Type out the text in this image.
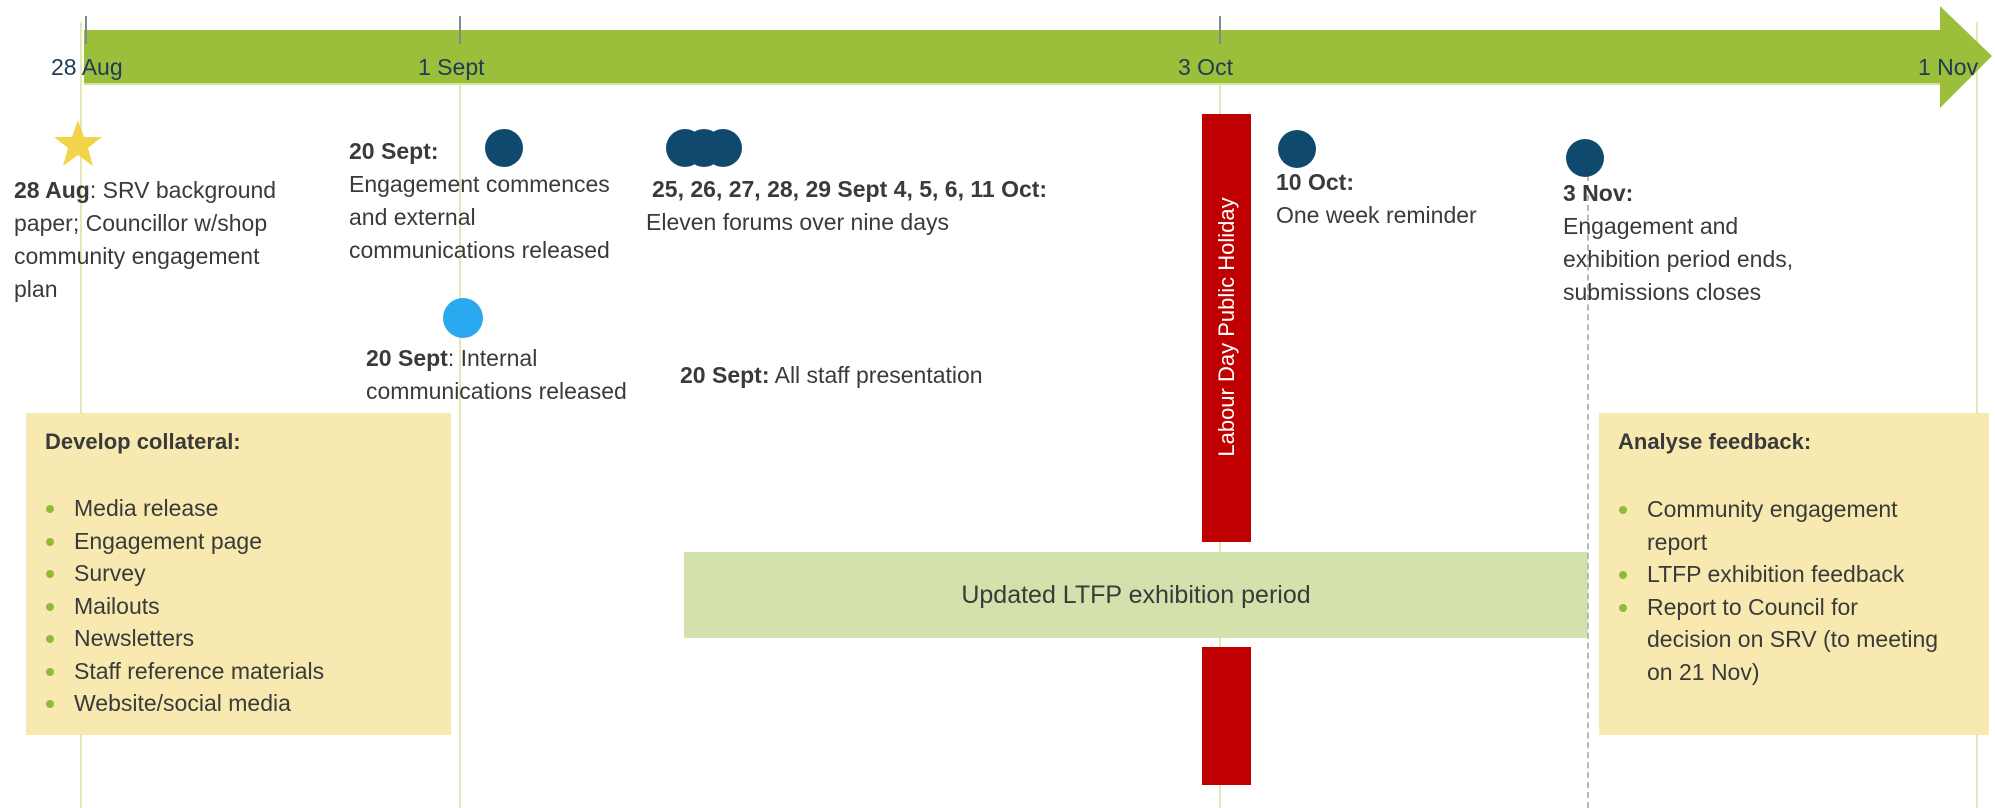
28 Aug	1 Sept	3 Oct	1 Nov
28 Aug: SRV background paper; Councillor w/shop community engagement plan
20 Sept:
Engagement commences and external communications released
20 Sept: Internal communications released
25, 26, 27, 28, 29 Sept 4, 5, 6, 11 Oct:
Eleven forums over nine days
20 Sept: All staff presentation	Labour Day Public Holiday
Updated LTFP exhibition period
10 Oct:
One week reminder
3 Nov:
Engagement and exhibition period ends, submissions closes
Develop collateral:
Media release
Engagement page
Survey
Mailouts
Newsletters
Staff reference materials
Website/social media
Analyse feedback:
Community engagement report
LTFP exhibition feedback
Report to Council for decision on SRV (to meeting on 21 Nov)
